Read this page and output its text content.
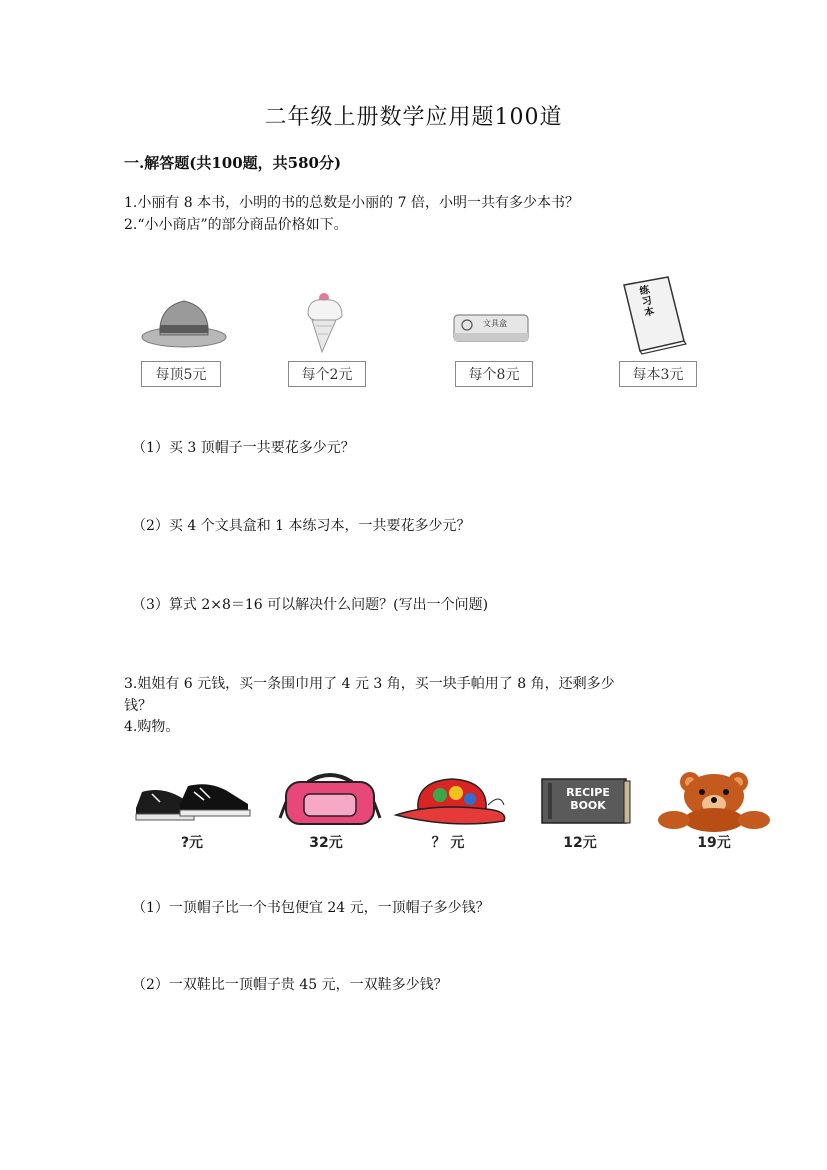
二年级上册数学应用题100道
一.解答题(共100题，共580分)
1.小丽有 8 本书，小明的书的总数是小丽的 7 倍，小明一共有多少本书？
2.“小小商店”的部分商品价格如下。
每顶5元	每个2元
文具盒
每个8元
练习本
每本3元
（1）买 3 顶帽子一共要花多少元？
（2）买 4 个文具盒和 1 本练习本，一共要花多少元？
（3）算式 2×8＝16 可以解决什么问题？(写出一个问题)
3.姐姐有 6 元钱，买一条围巾用了 4 元 3 角，买一块手帕用了 8 角，还剩多少
钱？
4.购物。
?元	32元	？ 元
RECIPE
BOOK
12元	19元
（1）一顶帽子比一个书包便宜 24 元，一顶帽子多少钱？
（2）一双鞋比一顶帽子贵 45 元，一双鞋多少钱？
